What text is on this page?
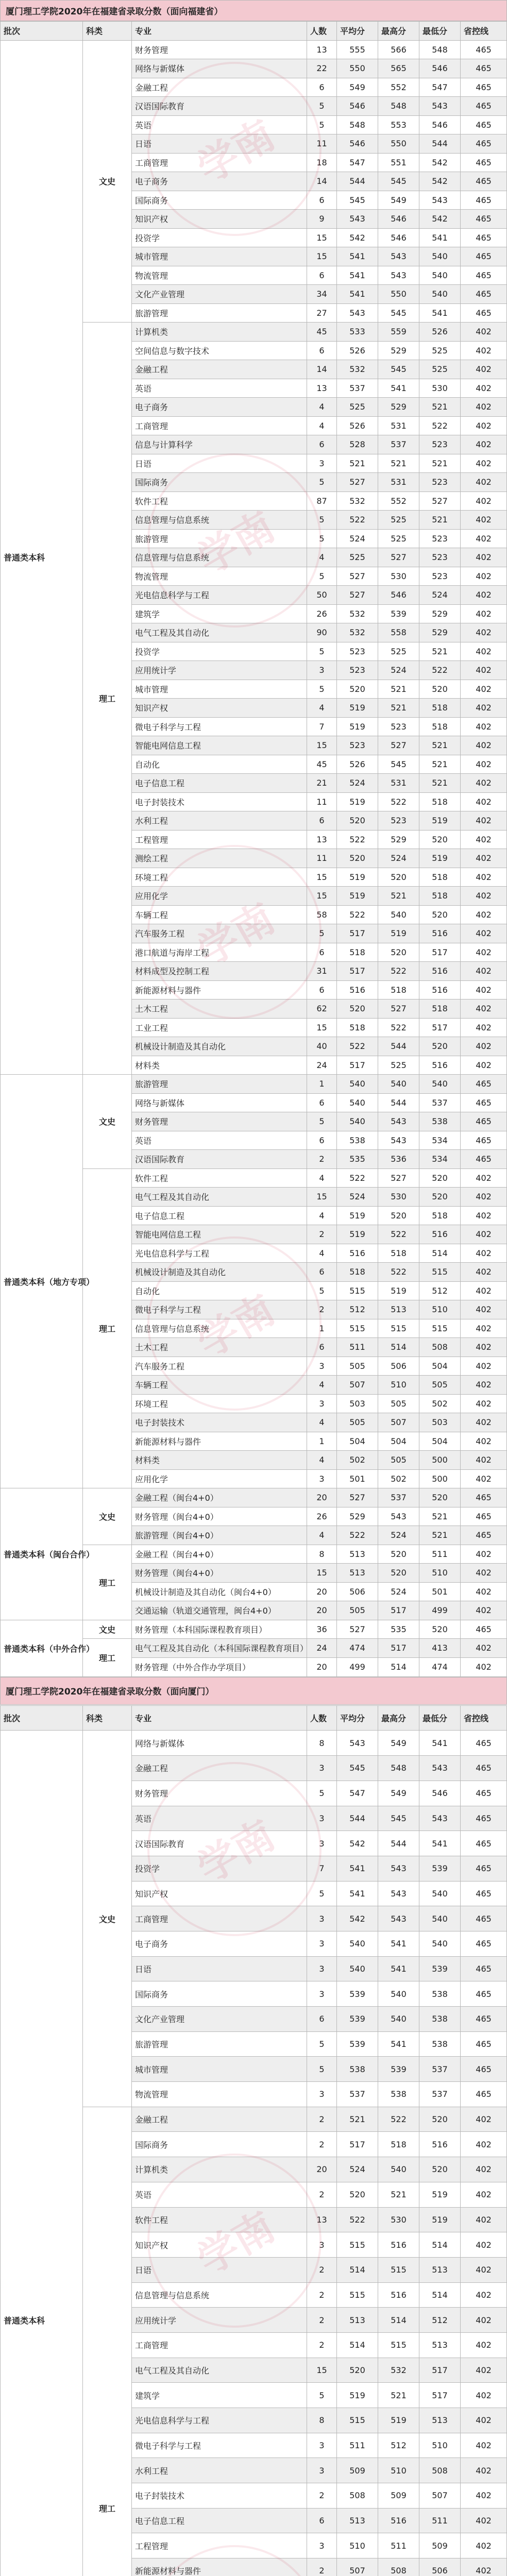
厦门理工学院2020年在福建省录取分数（面向福建省）							

批次	科类	专业	人数	平均分	最高分	最低分	省控线
普通类本科	文史	财务管理	13	555	566	548	465
		网络与新媒体	22	550	565	546	465
		金融工程	6	549	552	547	465
		汉语国际教育	5	546	548	543	465
		英语	5	548	553	546	465
		日语	11	546	550	544	465
		工商管理	18	547	551	542	465
		电子商务	14	544	545	542	465
		国际商务	6	545	549	543	465
		知识产权	9	543	546	542	465
		投资学	15	542	546	541	465
		城市管理	15	541	543	540	465
		物流管理	6	541	543	540	465
		文化产业管理	34	541	550	540	465
		旅游管理	27	543	545	541	465
	理工	计算机类	45	533	559	526	402
		空间信息与数字技术	6	526	529	525	402
		金融工程	14	532	545	525	402
		英语	13	537	541	530	402
		电子商务	4	525	529	521	402
		工商管理	4	526	531	522	402
		信息与计算科学	6	528	537	523	402
		日语	3	521	521	521	402
		国际商务	5	527	531	523	402
		软件工程	87	532	552	527	402
		信息管理与信息系统	5	522	525	521	402
		旅游管理	5	524	525	523	402
		信息管理与信息系统	4	525	527	523	402
		物流管理	5	527	530	523	402
		光电信息科学与工程	50	527	546	524	402
		建筑学	26	532	539	529	402
		电气工程及其自动化	90	532	558	529	402
		投资学	5	523	525	521	402
		应用统计学	3	523	524	522	402
		城市管理	5	520	521	520	402
		知识产权	4	519	521	518	402
		微电子科学与工程	7	519	523	518	402
		智能电网信息工程	15	523	527	521	402
		自动化	45	526	545	521	402
		电子信息工程	21	524	531	521	402
		电子封装技术	11	519	522	518	402
		水利工程	6	520	523	519	402
		工程管理	13	522	529	520	402
		测绘工程	11	520	524	519	402
		环境工程	15	519	520	518	402
		应用化学	15	519	521	518	402
		车辆工程	58	522	540	520	402
		汽车服务工程	5	517	519	516	402
		港口航道与海岸工程	6	518	520	517	402
		材料成型及控制工程	31	517	522	516	402
		新能源材料与器件	6	516	518	516	402
		土木工程	62	520	527	518	402
		工业工程	15	518	522	517	402
		机械设计制造及其自动化	40	522	544	520	402
		材料类	24	517	525	516	402
普通类本科（地方专项）	文史	旅游管理	1	540	540	540	465
		网络与新媒体	6	540	544	537	465
		财务管理	5	540	543	538	465
		英语	6	538	543	534	465
		汉语国际教育	2	535	536	534	465
	理工	软件工程	4	522	527	520	402
		电气工程及其自动化	15	524	530	520	402
		电子信息工程	4	519	520	518	402
		智能电网信息工程	2	519	522	516	402
		光电信息科学与工程	4	516	518	514	402
		机械设计制造及其自动化	6	518	522	515	402
		自动化	5	515	519	512	402
		微电子科学与工程	2	512	513	510	402
		信息管理与信息系统	1	515	515	515	402
		土木工程	6	511	514	508	402
		汽车服务工程	3	505	506	504	402
		车辆工程	4	507	510	505	402
		环境工程	3	503	505	502	402
		电子封装技术	4	505	507	503	402
		新能源材料与器件	1	504	504	504	402
		材料类	4	502	505	500	402
		应用化学	3	501	502	500	402
普通类本科（闽台合作）	文史	金融工程（闽台4+0）	20	527	537	520	465
		财务管理（闽台4+0）	26	529	543	521	465
		旅游管理（闽台4+0）	4	522	524	521	465
	理工	金融工程（闽台4+0）	8	513	520	511	402
		财务管理（闽台4+0）	15	513	520	510	402
		机械设计制造及其自动化（闽台4+0）	20	506	524	501	402
		交通运输（轨道交通管理，闽台4+0）	20	505	517	499	402
普通类本科（中外合作）	文史	财务管理（本科国际课程教育项目）	36	527	535	520	465
	理工	电气工程及其自动化（本科国际课程教育项目）	24	474	517	413	402
		财务管理（中外合作办学项目）	20	499	514	474	402
厦门理工学院2020年在福建省录取分数（面向厦门）							

批次	科类	专业	人数	平均分	最高分	最低分	省控线
普通类本科	文史	网络与新媒体	8	543	549	541	465
		金融工程	3	545	548	543	465
		财务管理	5	547	549	546	465
		英语	3	544	545	543	465
		汉语国际教育	3	542	544	541	465
		投资学	7	541	543	539	465
		知识产权	5	541	543	540	465
		工商管理	3	542	543	540	465
		电子商务	3	540	541	540	465
		日语	3	540	541	539	465
		国际商务	3	539	540	538	465
		文化产业管理	6	539	540	538	465
		旅游管理	5	539	541	538	465
		城市管理	5	538	539	537	465
		物流管理	3	537	538	537	465
	理工	金融工程	2	521	522	520	402
		国际商务	2	517	518	516	402
		计算机类	20	524	540	520	402
		英语	2	520	521	519	402
		软件工程	13	522	530	519	402
		知识产权	3	515	516	514	402
		日语	2	514	515	513	402
		信息管理与信息系统	2	515	516	514	402
		应用统计学	2	513	514	512	402
		工商管理	2	514	515	513	402
		电气工程及其自动化	15	520	532	517	402
		建筑学	5	519	521	517	402
		光电信息科学与工程	8	515	519	513	402
		微电子科学与工程	3	511	512	510	402
		水利工程	3	509	510	508	402
		电子封装技术	2	508	509	507	402
		电子信息工程	6	513	516	511	402
		工程管理	3	510	511	509	402
		新能源材料与器件	2	507	508	506	402

学南
学南
学南
学南
